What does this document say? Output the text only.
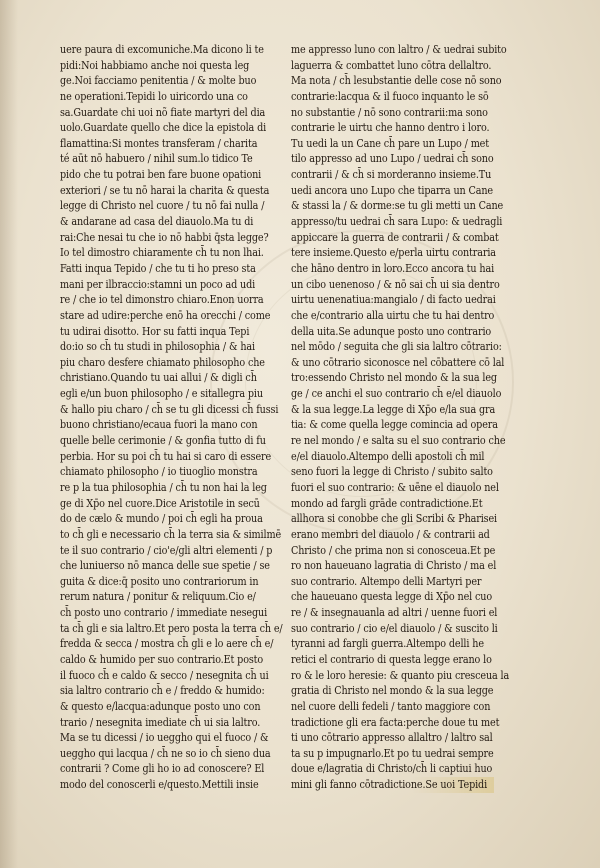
uere paura di excomuniche.Ma dicono li te
pidi:Noi habbiamo anche noi questa leg
ge.Noi facciamo penitentia / & molte buo
ne operationi.Tepidi lo uiricordo una co
sa.Guardate chi uoi nõ fiate martyri del dia
uolo.Guardate quello che dice la epistola di
flamattina:Si montes transferam / charita
té aūt nō habuero / nihil sum.lo tidico Te
pido che tu potrai ben fare buone opationi
exteriori / se tu nō harai la charita & questa
legge di Christo nel cuore / tu nō fai nulla /
& andarane ad casa del diauolo.Ma tu di
rai:Che nesai tu che io nō habbi q̄sta legge?
Io tel dimostro chiaramente ch̄ tu non lhai.
Fatti inqua Tepido / che tu ti ho preso sta
mani per ilbraccio:stamni un poco ad udi
re / che io tel dimonstro chiaro.Enon uorra
stare ad udire:perche enō ha orecchi / come
tu udirai disotto. Hor su fatti inqua Tepi
do:io so ch̄ tu studi in philosophia / & hai
piu charo desfere chiamato philosopho che
christiano.Quando tu uai allui / & digli ch̄
egli e/un buon philosopho / e sitallegra piu
& hallo piu charo / ch̄ se tu gli dicessi ch̄ fussi
buono christiano/ecaua fuori la mano con
quelle belle cerimonie / & gonfia tutto di fu
perbia. Hor su poi ch̄ tu hai si caro di essere
chiamato philosopho / io tiuoglio monstra
re p la tua philosophia / ch̄ tu non hai la leg
ge di Xp̄o nel cuore.Dice Aristotile in secū
do de cælo & mundo / poi ch̄ egli ha proua
to ch̄ gli e necessario ch̄ la terra sia & similmē
te il suo contrario / cio'e/gli altri elementi / p
che luniuerso nō manca delle sue spetie / se
guita & dice:q̄ posito uno contrariorum in
rerum natura / ponitur & reliquum.Cio e/
ch̄ posto uno contrario / immediate nesegui
ta ch̄ gli e sia laltro.Et pero posta la terra ch̄ e/
fredda & secca / mostra ch̄ gli e lo aere ch̄ e/
caldo & humido per suo contrario.Et posto
il fuoco ch̄ e caldo & secco / nesegnita ch̄ ui
sia laltro contrario ch̄ e / freddo & humido:
& questo e/lacqua:adunque posto uno con
trario / nesegnita imediate ch̄ ui sia laltro.
Ma se tu dicessi / io ueggho qui el fuoco / &
ueggho qui lacqua / ch̄ ne so io ch̄ sieno dua
contrarii ? Come gli ho io ad conoscere? El
modo del conoscerli e/questo.Mettili insie
me appresso luno con laltro / & uedrai subito
laguerra & combattet luno cōtra dellaltro.
Ma nota / ch̄ lesubstantie delle cose nō sono
contrarie:lacqua & il fuoco inquanto le sō
no substantie / nō sono contrarii:ma sono
contrarie le uirtu che hanno dentro i loro.
Tu uedi la un Cane ch̄ pare un Lupo / met
tilo appresso ad uno Lupo / uedrai ch̄ sono
contrarii / & ch̄ si morderanno insieme.Tu
uedi ancora uno Lupo che tiparra un Cane
& stassi la / & dorme:se tu gli metti un Cane
appresso/tu uedrai ch̄ sara Lupo: & uedragli
appiccare la guerra de contrarii / & combat
tere insieme.Questo e/perla uirtu contraria
che hāno dentro in loro.Ecco ancora tu hai
un cibo uenenoso / & nō sai ch̄ ui sia dentro
uirtu uenenatiua:mangialo / di facto uedrai
che e/contrario alla uirtu che tu hai dentro
della uita.Se adunque posto uno contrario
nel mōdo / seguita che gli sia laltro cōtrario:
& uno cōtrario siconosce nel cōbattere cō lal
tro:essendo Christo nel mondo & la sua leg
ge / ce anchi el suo contrario ch̄ e/el diauolo
& la sua legge.La legge di Xp̄o e/la sua gra
tia: & come quella legge comincia ad opera
re nel mondo / e salta su el suo contrario che
e/el diauolo.Altempo delli apostoli ch̄ mil
seno fuori la legge di Christo / subito salto
fuori el suo contrario: & uēne el diauolo nel
mondo ad fargli grāde contradictione.Et
allhora si conobbe che gli Scribi & Pharisei
erano membri del diauolo / & contrarii ad
Christo / che prima non si conosceua.Et pe
ro non haueuano lagratia di Christo / ma el
suo contrario. Altempo delli Martyri per
che haueuano questa legge di Xp̄o nel cuo
re / & insegnauanla ad altri / uenne fuori el
suo contrario / cio e/el diauolo / & suscito li
tyranni ad fargli guerra.Altempo delli he
retici el contrario di questa legge erano lo
ro & le loro heresie: & quanto piu cresceua la
gratia di Christo nel mondo & la sua legge
nel cuore delli fedeli / tanto maggiore con
tradictione gli era facta:perche doue tu met
ti uno cōtrario appresso allaltro / laltro sal
ta su p impugnarlo.Et po tu uedrai sempre
doue e/lagratia di Christo/ch̄ li captiui huo
mini gli fanno cōtradictione.Se uoi Tepidi
